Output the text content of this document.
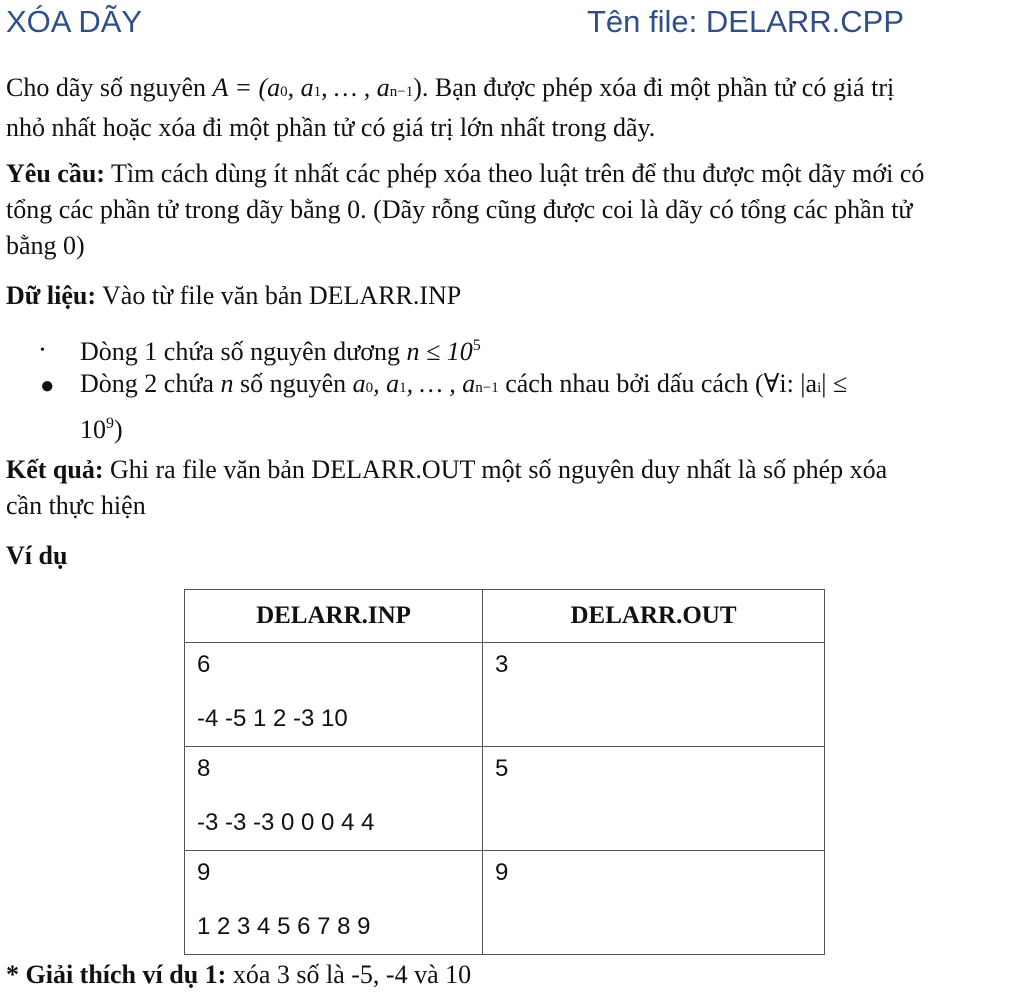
XÓA DÃY	Tên file: DELARR.CPP
Cho dãy số nguyên A = (a0, a1, … , an−1). Bạn được phép xóa đi một phần tử có giá trị
nhỏ nhất hoặc xóa đi một phần tử có giá trị lớn nhất trong dãy.
Yêu cầu: Tìm cách dùng ít nhất các phép xóa theo luật trên để thu được một dãy mới có
tổng các phần tử trong dãy bằng 0. (Dãy rỗng cũng được coi là dãy có tổng các phần tử
bằng 0)
Dữ liệu: Vào từ file văn bản DELARR.INP
• Dòng 1 chứa số nguyên dương $n \le 10^5$
● Dòng 2 chứa n số nguyên a0, a1, … , an−1 cách nhau bởi dấu cách (∀i: |ai| ≤
$10^9$)
Kết quả: Ghi ra file văn bản DELARR.OUT một số nguyên duy nhất là số phép xóa
cần thực hiện
Ví dụ
DELARR.INP	DELARR.OUT

6
-4 -5 1 2 -3 10	3

8
-3 -3 -3 0 0 0 4 4	5

9
1 2 3 4 5 6 7 8 9	9
* Giải thích ví dụ 1: xóa 3 số là -5, -4 và 10
